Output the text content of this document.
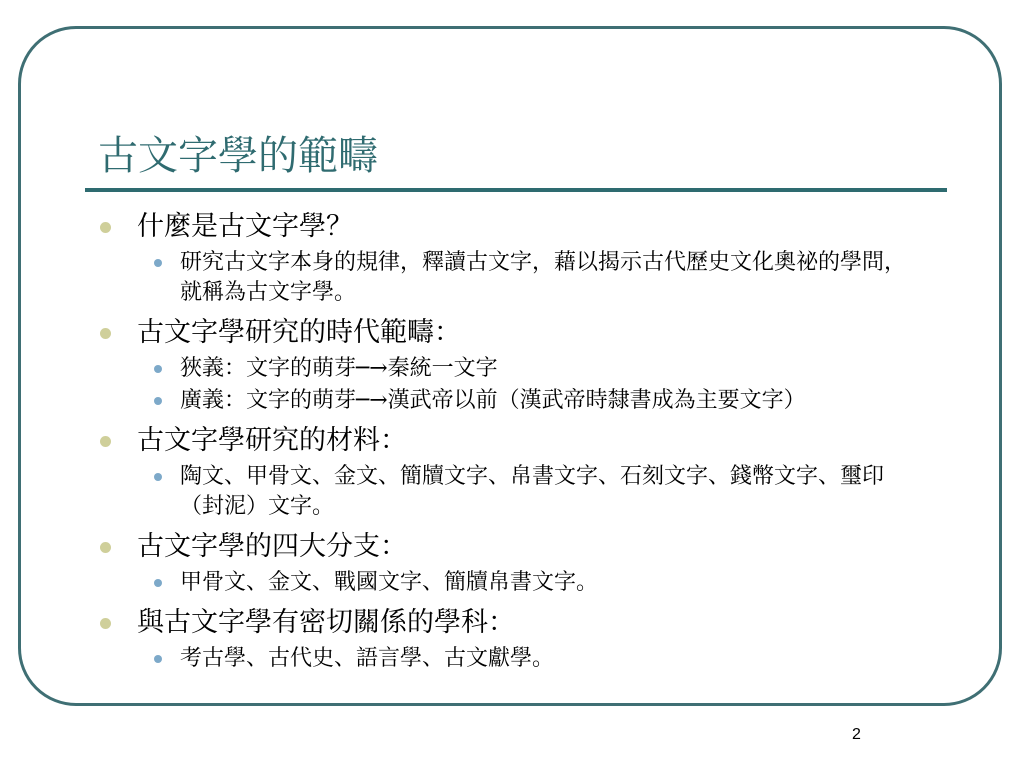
古文字學的範疇
什麼是古文字學？
研究古文字本身的規律，釋讀古文字，藉以揭示古代歷史文化奧祕的學問，就稱為古文字學。
古文字學研究的時代範疇：
狹義：文字的萌芽─→秦統一文字
廣義：文字的萌芽─→漢武帝以前（漢武帝時隸書成為主要文字）
古文字學研究的材料：
陶文、甲骨文、金文、簡牘文字、帛書文字、石刻文字、錢幣文字、璽印（封泥）文字。
古文字學的四大分支：
甲骨文、金文、戰國文字、簡牘帛書文字。
與古文字學有密切關係的學科：
考古學、古代史、語言學、古文獻學。
2
